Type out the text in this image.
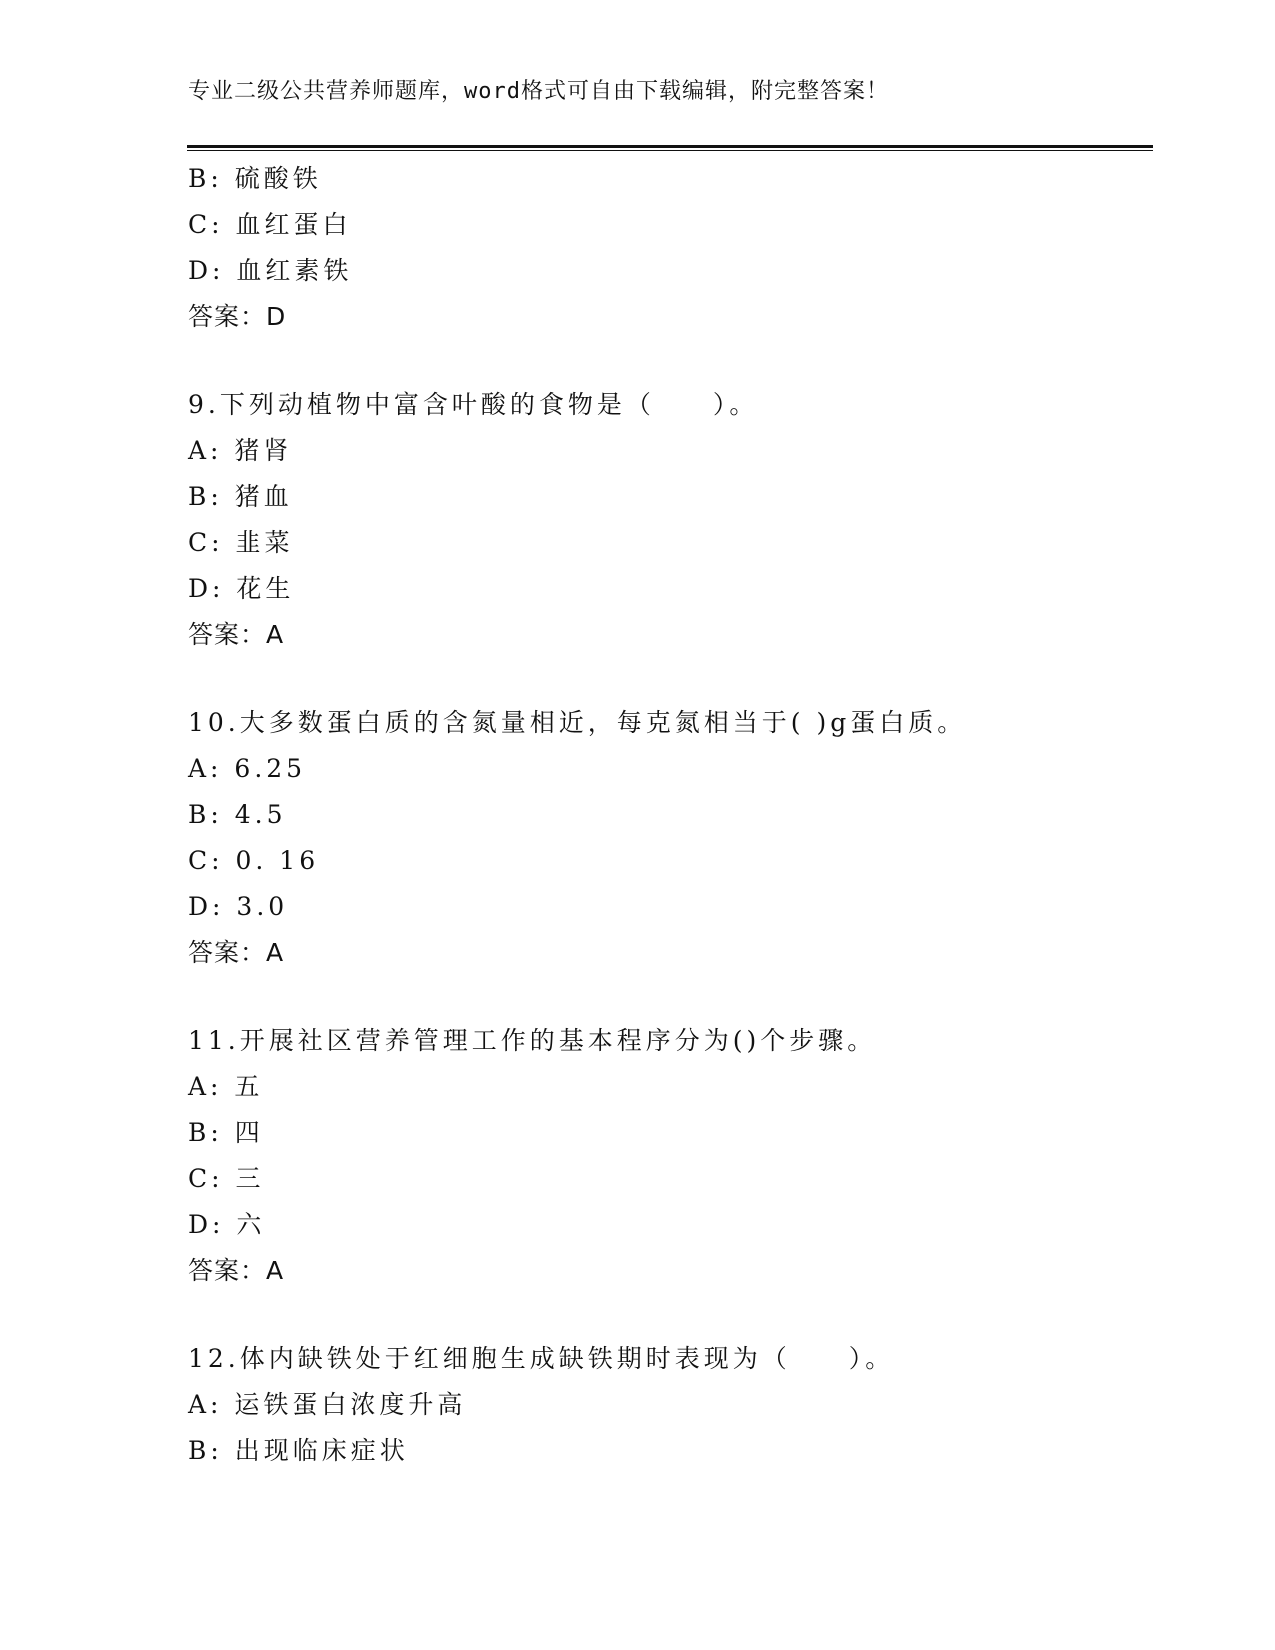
专业二级公共营养师题库，word格式可自由下载编辑，附完整答案！
B: 硫酸铁
C: 血红蛋白
D: 血红素铁
答案：D
9.下列动植物中富含叶酸的食物是（　　）。
A: 猪肾
B: 猪血
C: 韭菜
D: 花生
答案：A
10.大多数蛋白质的含氮量相近，每克氮相当于( )g蛋白质。
A: 6.25
B: 4.5
C: 0. 16
D: 3.0
答案：A
11.开展社区营养管理工作的基本程序分为()个步骤。
A: 五
B: 四
C: 三
D: 六
答案：A
12.体内缺铁处于红细胞生成缺铁期时表现为（　　）。
A: 运铁蛋白浓度升高
B: 出现临床症状
